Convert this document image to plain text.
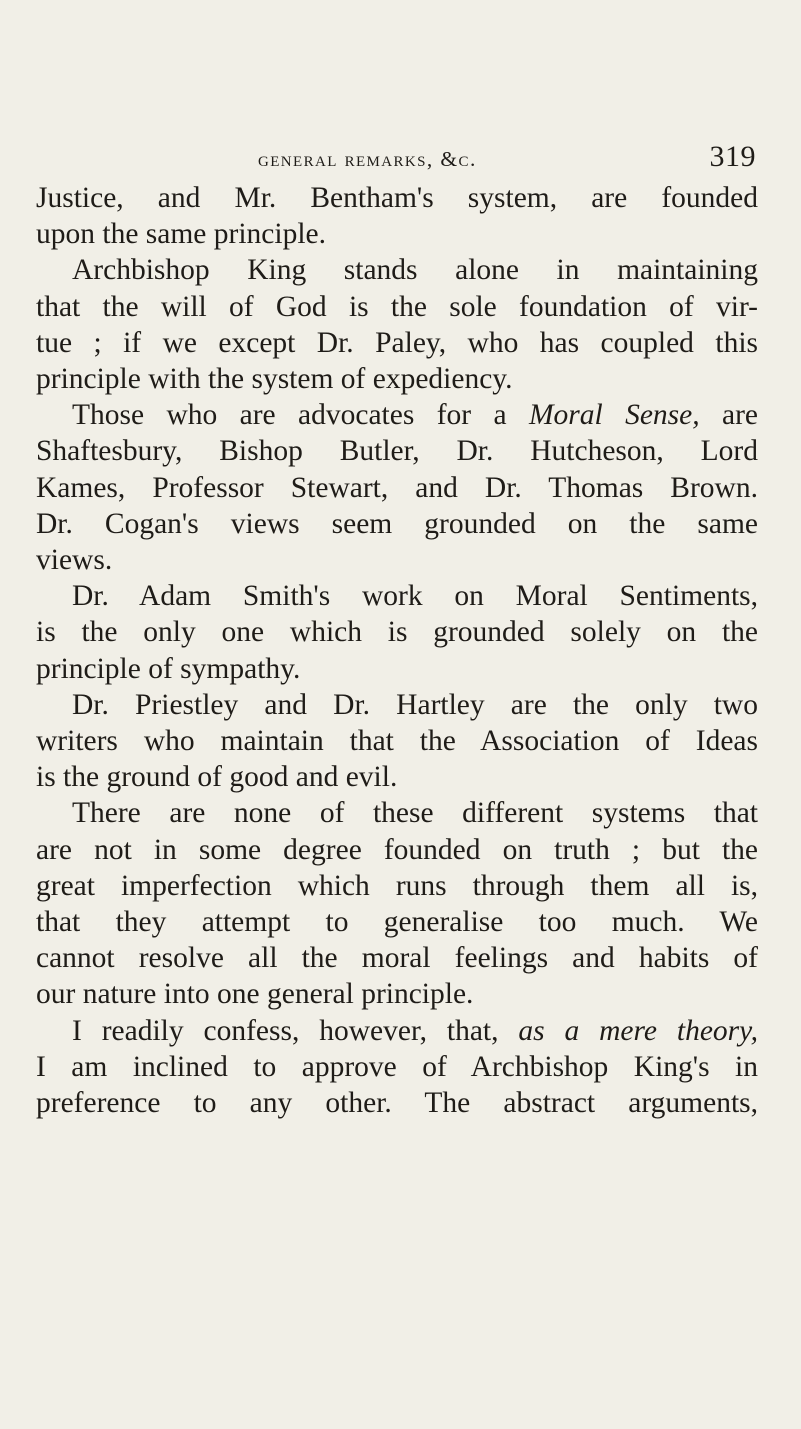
general remarks, &c.	319
Justice, and Mr. Bentham's system, are founded
upon the same principle.
Archbishop King stands alone in maintaining
that the will of God is the sole foundation of vir-
tue ; if we except Dr. Paley, who has coupled this
principle with the system of expediency.
Those who are advocates for a Moral Sense, are
Shaftesbury, Bishop Butler, Dr. Hutcheson, Lord
Kames, Professor Stewart, and Dr. Thomas Brown.
Dr. Cogan's views seem grounded on the same
views.
Dr. Adam Smith's work on Moral Sentiments,
is the only one which is grounded solely on the
principle of sympathy.
Dr. Priestley and Dr. Hartley are the only two
writers who maintain that the Association of Ideas
is the ground of good and evil.
There are none of these different systems that
are not in some degree founded on truth ; but the
great imperfection which runs through them all is,
that they attempt to generalise too much. We
cannot resolve all the moral feelings and habits of
our nature into one general principle.
I readily confess, however, that, as a mere theory,
I am inclined to approve of Archbishop King's in
preference to any other. The abstract arguments,
